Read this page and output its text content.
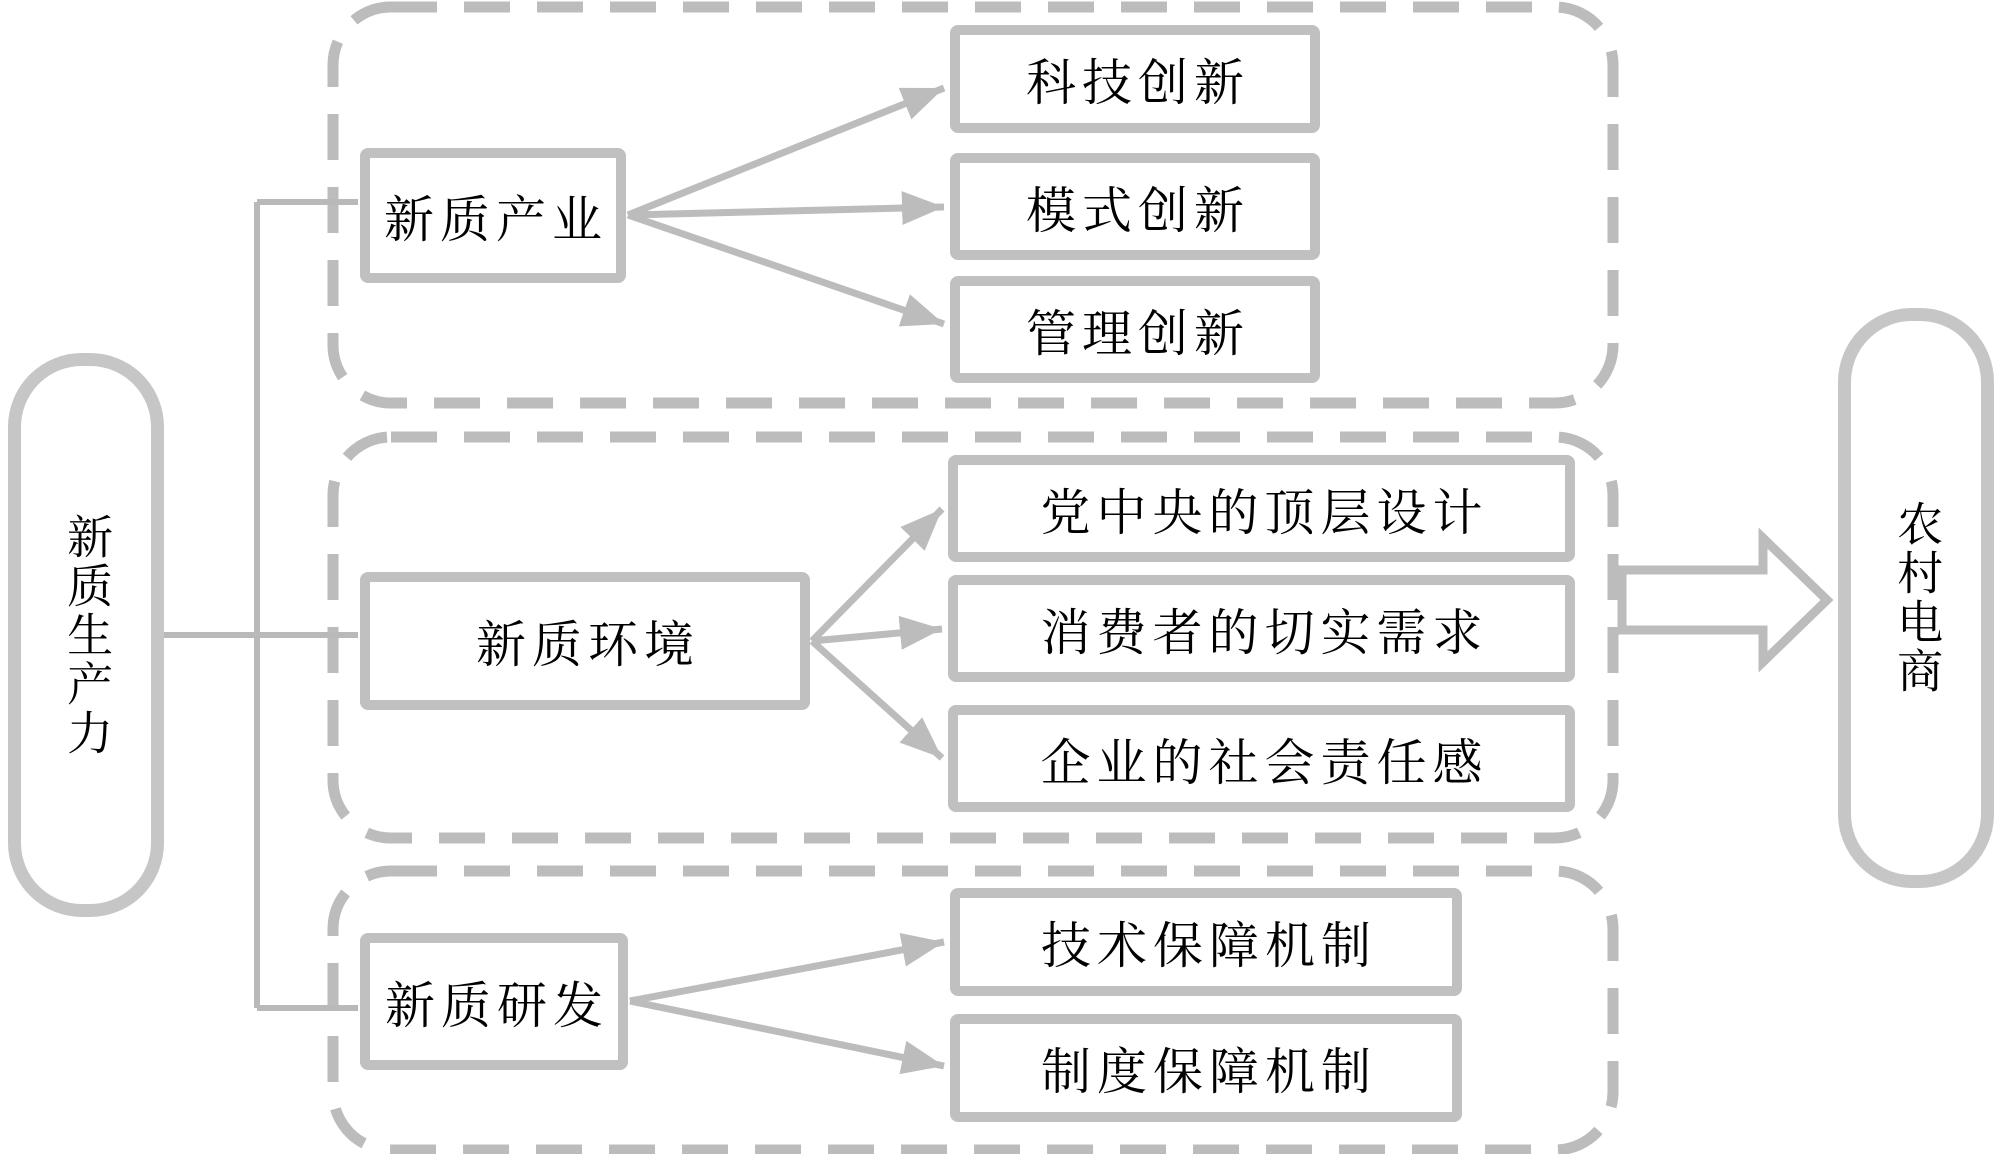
新质生产力	农村电商
新质产业
科技创新
模式创新
管理创新
新质环境
党中央的顶层设计
消费者的切实需求
企业的社会责任感
新质研发
技术保障机制
制度保障机制
